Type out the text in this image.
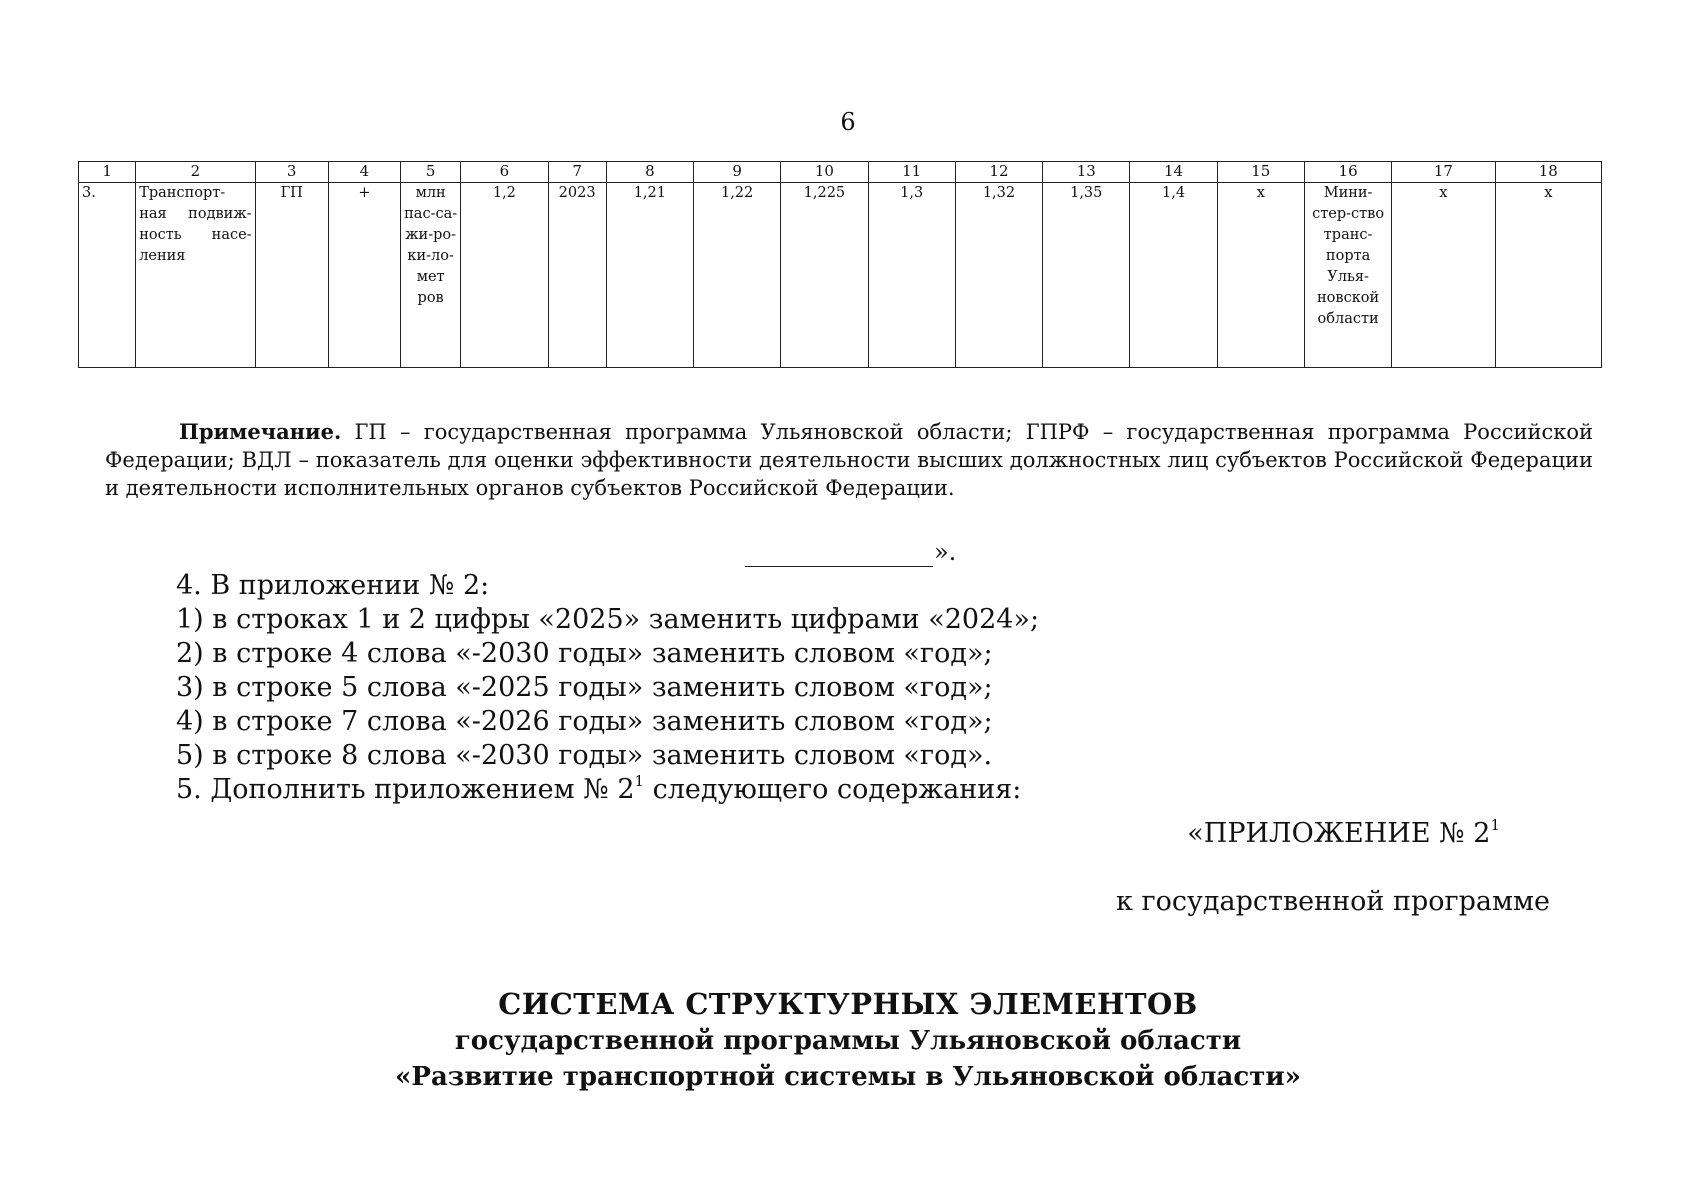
6
1	2	3	4	5	6	7	8	9	10	11	12	13	14	15	16	17	18
3.	Транспорт-ная подвиж-ность насе-ления	ГП	+	млн пас-са-жи-ро-ки-ло-мет ров	1,2	2023	1,21	1,22	1,225	1,3	1,32	1,35	1,4	x	Мини-стер-ство транс-порта Улья-новской области	x	x
Примечание. ГП – государственная программа Ульяновской области; ГПРФ – государственная программа Российской Федерации; ВДЛ – показатель для оценки эффективности деятельности высших должностных лиц субъектов Российской Федерации и деятельности исполнительных органов субъектов Российской Федерации.
».
4. В приложении № 2:
1) в строках 1 и 2 цифры «2025» заменить цифрами «2024»;
2) в строке 4 слова «-2030 годы» заменить словом «год»;
3) в строке 5 слова «-2025 годы» заменить словом «год»;
4) в строке 7 слова «-2026 годы» заменить словом «год»;
5) в строке 8 слова «-2030 годы» заменить словом «год».
5. Дополнить приложением № $2^1$ следующего содержания:
«ПРИЛОЖЕНИЕ № $2^1$
к государственной программе
СИСТЕМА СТРУКТУРНЫХ ЭЛЕМЕНТОВ
государственной программы Ульяновской области
«Развитие транспортной системы в Ульяновской области»
